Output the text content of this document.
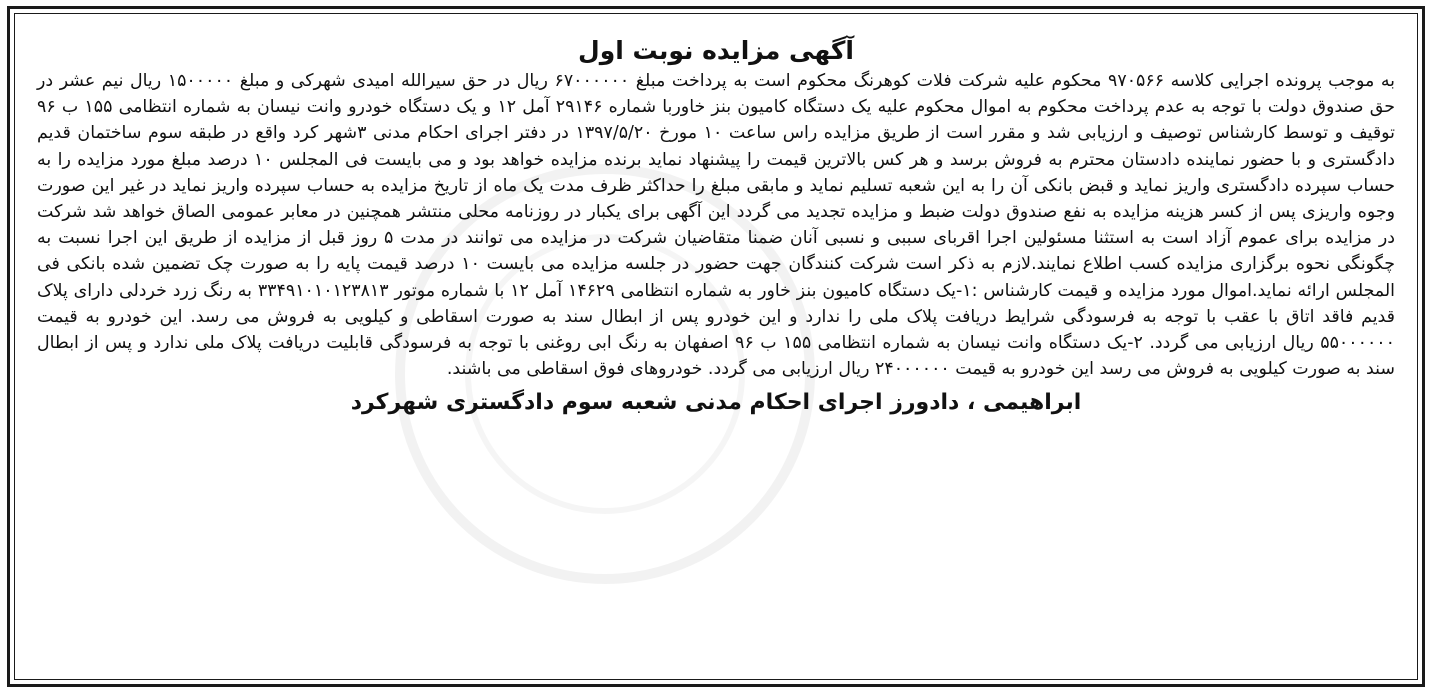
آگهی مزایده نوبت اول

به موجب پرونده اجرایی کلاسه ۹۷۰۵۶۶ محکوم علیه شرکت فلات کوهرنگ محکوم است به پرداخت مبلغ ۶۷۰۰۰۰۰۰ ریال در حق سیرالله امیدی شهرکی و مبلغ ۱۵۰۰۰۰۰ ریال نیم عشر در حق صندوق دولت با توجه به عدم پرداخت محکوم به اموال محکوم علیه یک دستگاه کامیون بنز خاوربا شماره ۲۹۱۴۶ آمل ۱۲ و یک دستگاه خودرو وانت نیسان به شماره انتظامی ۱۵۵ ب ۹۶ توقیف و توسط کارشناس توصیف و ارزیابی شد و مقرر است از طریق مزایده راس ساعت ۱۰ مورخ ۱۳۹۷/۵/۲۰ در دفتر اجرای احکام مدنی ۳شهر کرد واقع در طبقه سوم ساختمان قدیم دادگستری و با حضور نماینده دادستان محترم به فروش برسد و هر کس بالاترین قیمت را پیشنهاد نماید برنده مزایده خواهد بود و می بایست فی المجلس ۱۰ درصد مبلغ مورد مزایده را به حساب سپرده دادگستری واریز نماید و قبض بانکی آن را به این شعبه تسلیم نماید و مابقی مبلغ را حداکثر ظرف مدت یک ماه از تاریخ مزایده به حساب سپرده واریز نماید در غیر این صورت وجوه واریزی پس از کسر هزینه مزایده به نفع صندوق دولت ضبط و مزایده تجدید می گردد این آگهی برای یکبار در روزنامه محلی منتشر همچنین در معابر عمومی الصاق خواهد شد شرکت در مزایده برای عموم آزاد است به استثنا مسئولین اجرا اقربای سببی و نسبی آنان ضمنا متقاضیان شرکت در مزایده می توانند در مدت ۵ روز قبل از مزایده از طریق این اجرا نسبت به چگونگی نحوه برگزاری مزایده کسب اطلاع نمایند.لازم به ذکر است شرکت کنندگان جهت حضور در جلسه مزایده می بایست ۱۰ درصد قیمت پایه را به صورت چک تضمین شده بانکی فی المجلس ارائه نماید.اموال مورد مزایده و قیمت کارشناس :۱-یک دستگاه کامیون بنز خاور به شماره انتظامی ۱۴۶۲۹ آمل ۱۲ با شماره موتور ۳۳۴۹۱۰۱۰۱۲۳۸۱۳ به رنگ زرد خردلی دارای پلاک قدیم فاقد اتاق با عقب با توجه به فرسودگی شرایط دریافت پلاک ملی را ندارد و این خودرو پس از ابطال سند به صورت اسقاطی و کیلویی به فروش می رسد. این خودرو به قیمت ۵۵۰۰۰۰۰۰ ریال ارزیابی می گردد. ۲-یک دستگاه وانت نیسان به شماره انتظامی ۱۵۵ ب ۹۶ اصفهان به رنگ ابی روغنی با توجه به فرسودگی قابلیت دریافت پلاک ملی ندارد و پس از ابطال سند به صورت کیلویی به فروش می رسد این خودرو به قیمت ۲۴۰۰۰۰۰۰ ریال ارزیابی می گردد. خودروهای فوق اسقاطی می باشند.

ابراهیمی ، دادورز اجرای احکام مدنی شعبه سوم دادگستری شهرکرد
